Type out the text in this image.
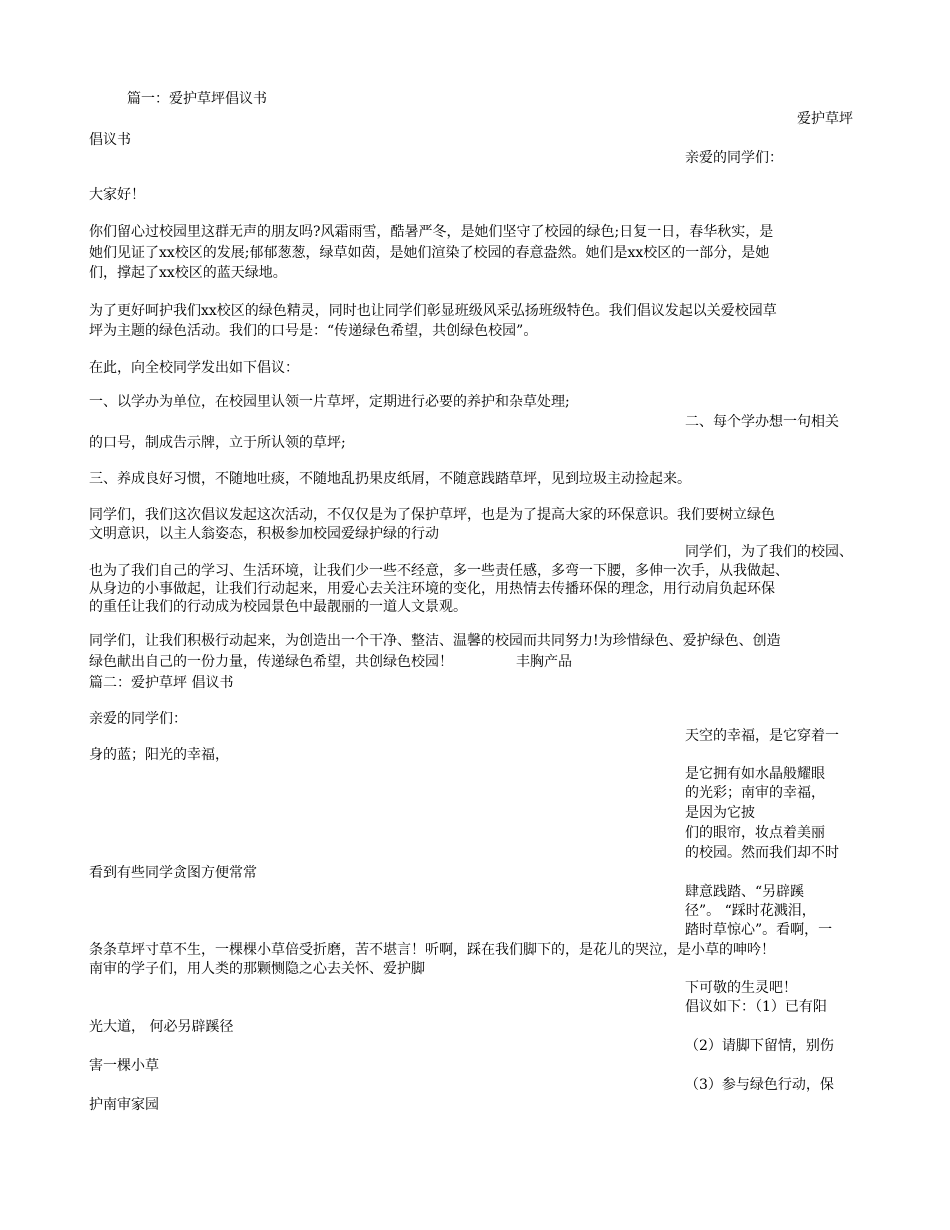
篇一：爱护草坪倡议书
爱护草坪
倡议书
亲爱的同学们：
大家好！
你们留心过校园里这群无声的朋友吗?风霜雨雪，酷暑严冬，是她们坚守了校园的绿色;日复一日，春华秋实，是
她们见证了xx校区的发展;郁郁葱葱，绿草如茵，是她们渲染了校园的春意盎然。她们是xx校区的一部分，是她
们，撑起了xx校区的蓝天绿地。
为了更好呵护我们xx校区的绿色精灵，同时也让同学们彰显班级风采弘扬班级特色。我们倡议发起以关爱校园草
坪为主题的绿色活动。我们的口号是：“传递绿色希望，共创绿色校园”。
在此，向全校同学发出如下倡议：
一、以学办为单位，在校园里认领一片草坪，定期进行必要的养护和杂草处理;
二、每个学办想一句相关
的口号，制成告示牌，立于所认领的草坪;
三、养成良好习惯，不随地吐痰，不随地乱扔果皮纸屑，不随意践踏草坪，见到垃圾主动捡起来。
同学们，我们这次倡议发起这次活动，不仅仅是为了保护草坪，也是为了提高大家的环保意识。我们要树立绿色
文明意识，以主人翁姿态，积极参加校园爱绿护绿的行动
同学们，为了我们的校园、
也为了我们自己的学习、生活环境，让我们少一些不经意，多一些责任感，多弯一下腰，多伸一次手，从我做起、
从身边的小事做起，让我们行动起来，用爱心去关注环境的变化，用热情去传播环保的理念，用行动肩负起环保
的重任让我们的行动成为校园景色中最靓丽的一道人文景观。
同学们，让我们积极行动起来，为创造出一个干净、整洁、温馨的校园而共同努力!为珍惜绿色、爱护绿色、创造
绿色献出自己的一份力量，传递绿色希望，共创绿色校园！	丰胸产品
篇二：爱护草坪 倡议书
亲爱的同学们：
天空的幸福，是它穿着一
身的蓝；阳光的幸福，
是它拥有如水晶般耀眼
的光彩；南审的幸福，
是因为它披
们的眼帘，妆点着美丽
的校园。然而我们却不时
看到有些同学贪图方便常常
肆意践踏、“另辟蹊
径”。 “踩时花溅泪，
踏时草惊心”。看啊，一
条条草坪寸草不生，一棵棵小草倍受折磨，苦不堪言！听啊，踩在我们脚下的，是花儿的哭泣，是小草的呻吟！
南审的学子们，用人类的那颗恻隐之心去关怀、爱护脚
下可敬的生灵吧！
倡议如下：（1）已有阳
光大道， 何必另辟蹊径
（2）请脚下留情，别伤
害一棵小草
（3）参与绿色行动，保
护南审家园
